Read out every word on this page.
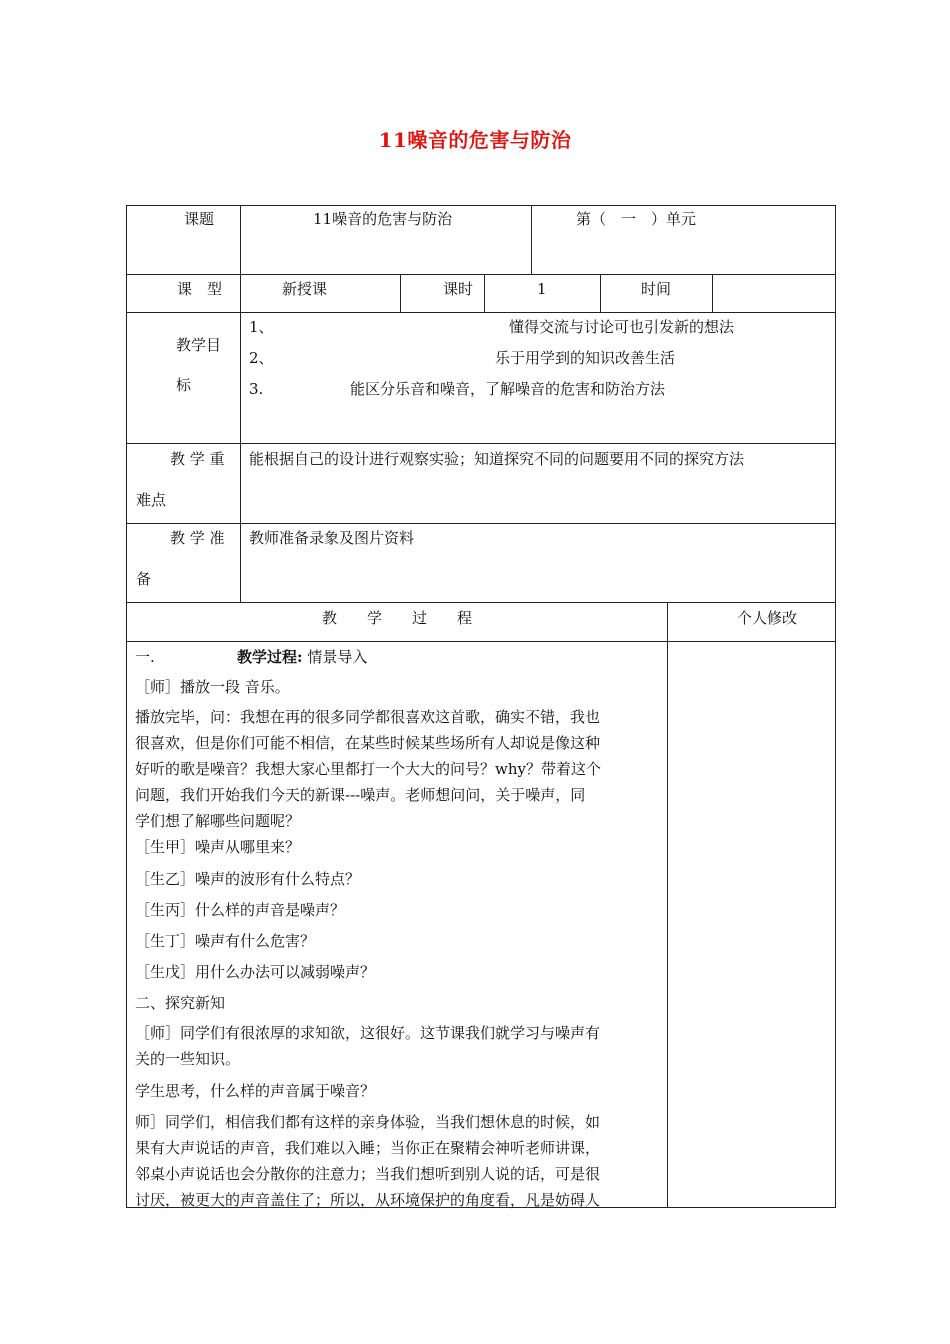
11噪音的危害与防治
课题	11噪音的危害与防治	第（　一　）单元
课　型	新授课	课时	1	时间
教学目
标
1、	懂得交流与讨论可也引发新的想法
2、	乐于用学到的知识改善生活
3.	能区分乐音和噪音，了解噪音的危害和防治方法
教 学 重
难点
能根据自己的设计进行观察实验；知道探究不同的问题要用不同的探究方法
教 学 准
备
教师准备录象及图片资料
教　　学　　过　　程	个人修改
一.	教学过程: 情景导入
［师］播放一段 音乐。
播放完毕，问：我想在再的很多同学都很喜欢这首歌，确实不错，我也
很喜欢，但是你们可能不相信，在某些时候某些场所有人却说是像这种
好听的歌是噪音？我想大家心里都打一个大大的问号？why？带着这个
问题，我们开始我们今天的新课---噪声。老师想问问，关于噪声，同
学们想了解哪些问题呢？
［生甲］噪声从哪里来？
［生乙］噪声的波形有什么特点？
［生丙］什么样的声音是噪声？
［生丁］噪声有什么危害？
［生戊］用什么办法可以减弱噪声？
二、探究新知
［师］同学们有很浓厚的求知欲，这很好。这节课我们就学习与噪声有
关的一些知识。
学生思考，什么样的声音属于噪音？
师］同学们，相信我们都有这样的亲身体验，当我们想休息的时候，如
果有大声说话的声音，我们难以入睡；当你正在聚精会神听老师讲课，
邻桌小声说话也会分散你的注意力；当我们想听到别人说的话，可是很
讨厌，被更大的声音盖住了；所以，从环境保护的角度看，凡是妨碍人
